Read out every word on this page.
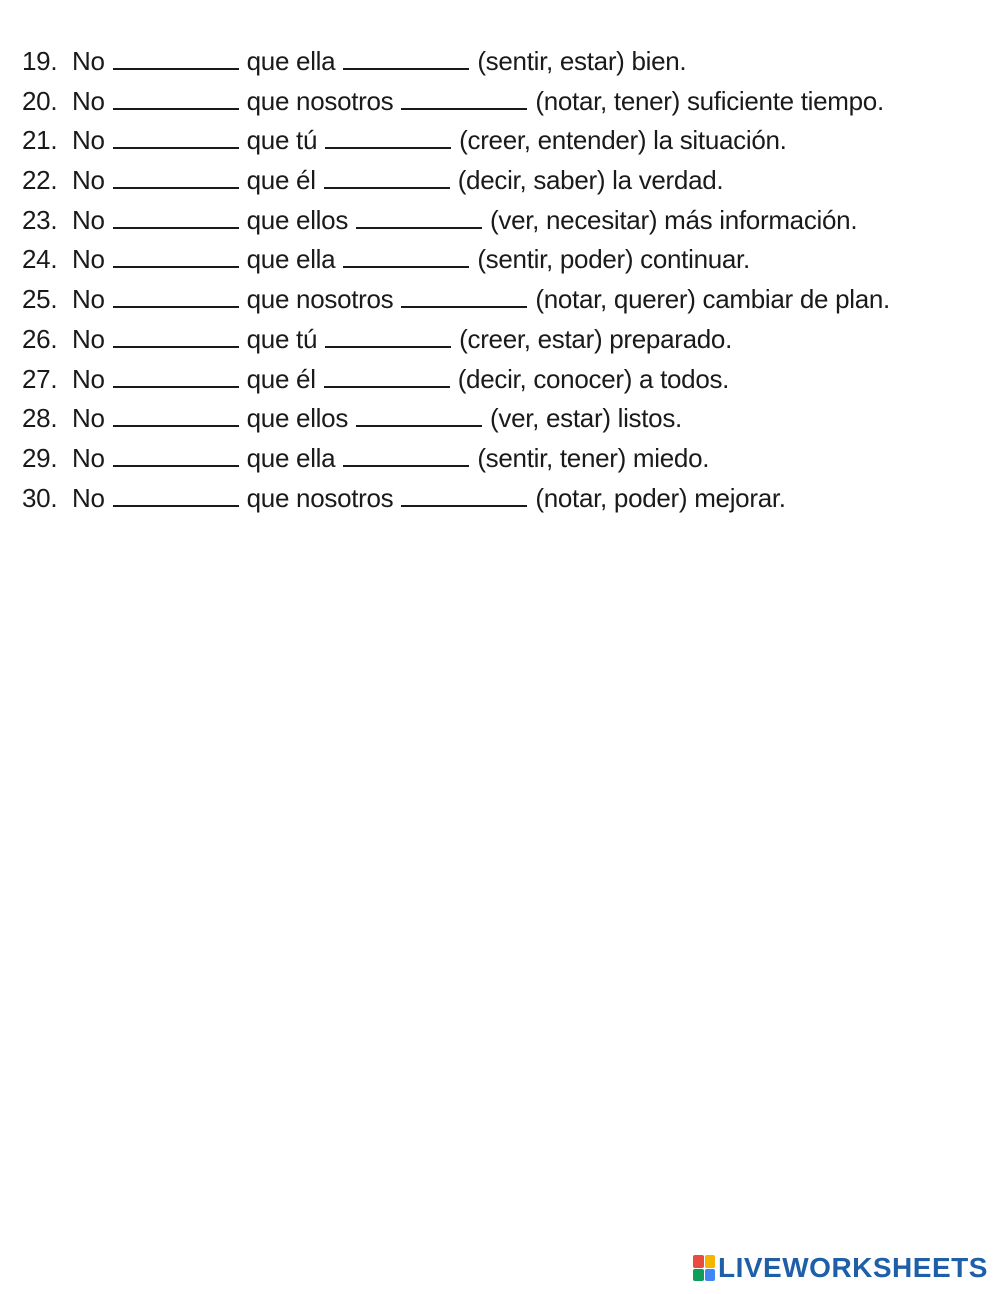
19. No	que ella	(sentir, estar) bien.
20. No	que nosotros	(notar, tener) suficiente tiempo.
21. No	que tú	(creer, entender) la situación.
22. No	que él	(decir, saber) la verdad.
23. No	que ellos	(ver, necesitar) más información.
24. No	que ella	(sentir, poder) continuar.
25. No	que nosotros	(notar, querer) cambiar de plan.
26. No	que tú	(creer, estar) preparado.
27. No	que él	(decir, conocer) a todos.
28. No	que ellos	(ver, estar) listos.
29. No	que ella	(sentir, tener) miedo.
30. No	que nosotros	(notar, poder) mejorar.
LIVEWORKSHEETS
